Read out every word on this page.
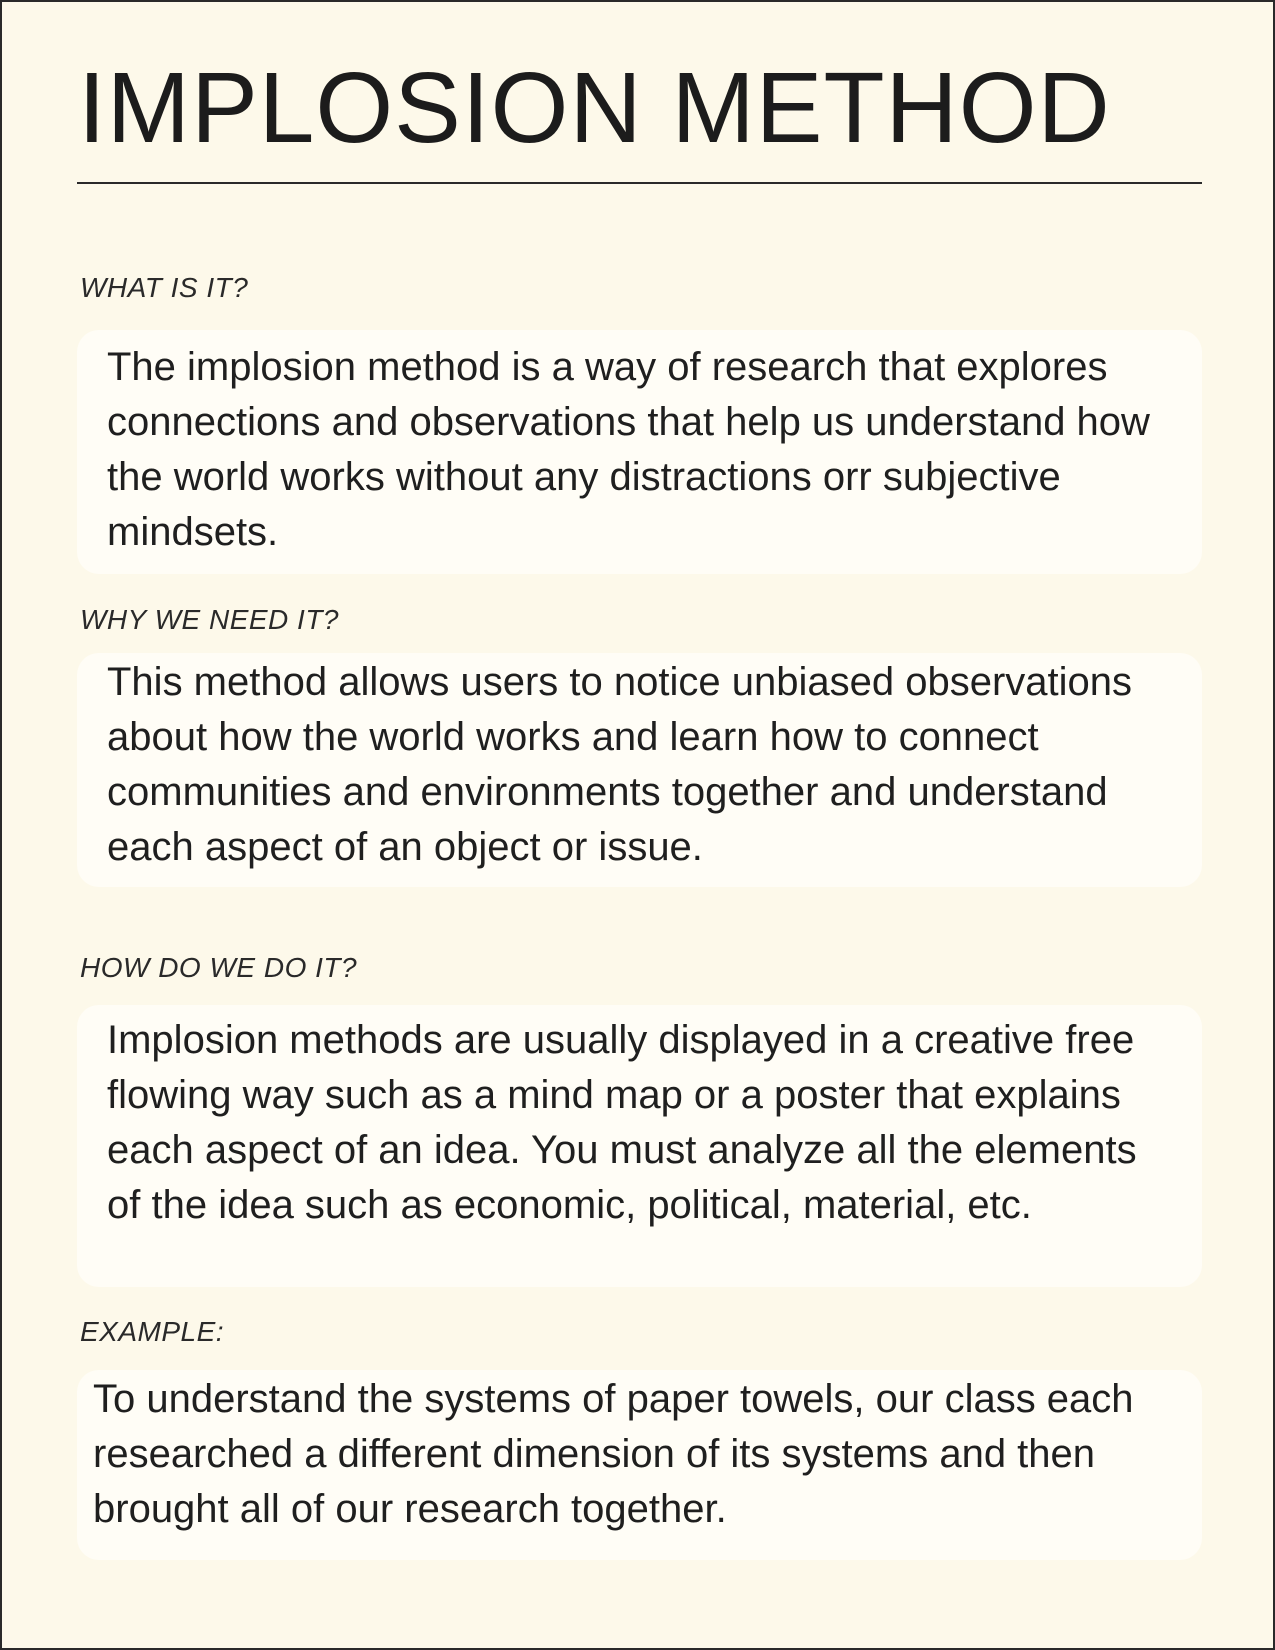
IMPLOSION METHOD
WHAT IS IT?

The implosion method is a way of research that explores connections and observations that help us understand how the world works without any distractions orr subjective mindsets.

WHY WE NEED IT?

This method allows users to notice unbiased observations about how the world works and learn how to connect communities and environments together and understand each aspect of an object or issue.

HOW DO WE DO IT?

Implosion methods are usually displayed in a creative free flowing way such as a mind map or a poster that explains each aspect of an idea. You must analyze all the elements of the idea such as economic, political, material, etc.

EXAMPLE:

To understand the systems of paper towels, our class each researched a different dimension of its systems and then brought all of our research together.
